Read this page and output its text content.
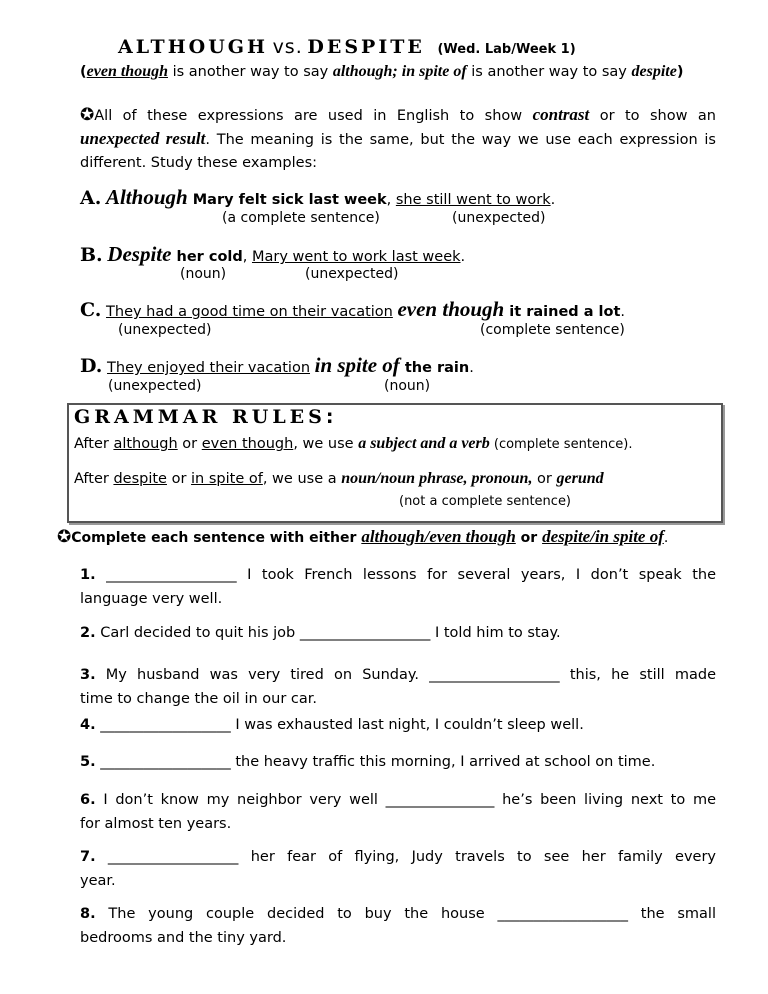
ALTHOUGH vs. DESPITE (Wed. Lab/Week 1)
(even though is another way to say although; in spite of is another way to say despite)
✪All of these expressions are used in English to show contrast or to show an
unexpected result. The meaning is the same, but the way we use each expression is
different. Study these examples:
A. Although Mary felt sick last week, she still went to work.
(a complete sentence)	(unexpected)
B. Despite her cold, Mary went to work last week.
(noun)	(unexpected)
C. They had a good time on their vacation even though it rained a lot.
(unexpected)	(complete sentence)
D. They enjoyed their vacation in spite of the rain.
(unexpected)	(noun)
GRAMMAR RULES:
After although or even though, we use a subject and a verb (complete sentence).
After despite or in spite of, we use a noun/noun phrase, pronoun, or gerund
(not a complete sentence)
✪Complete each sentence with either although/even though or despite/in spite of.
1. __________________ I took French lessons for several years, I don’t speak the
language very well.
2. Carl decided to quit his job __________________ I told him to stay.
3. My husband was very tired on Sunday. __________________ this, he still made
time to change the oil in our car.
4. __________________ I was exhausted last night, I couldn’t sleep well.
5. __________________ the heavy traffic this morning, I arrived at school on time.
6. I don’t know my neighbor very well _______________ he’s been living next to me
for almost ten years.
7. __________________ her fear of flying, Judy travels to see her family every
year.
8. The young couple decided to buy the house __________________ the small
bedrooms and the tiny yard.
